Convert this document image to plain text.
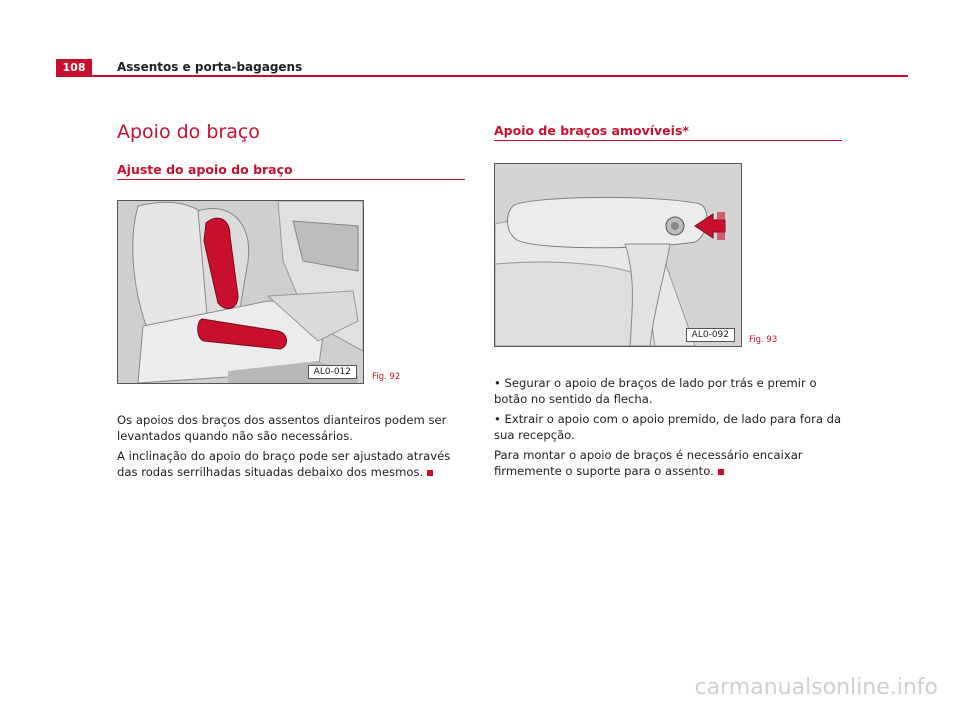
108	Assentos e porta-bagagens
Apoio do braço
Ajuste do apoio do braço
Apoio de braços amovíveis*
AL0-012	Fig. 92
AL0-092	Fig. 93

Os apoios dos braços dos assentos dianteiros podem ser levantados quando não são necessários.

A inclinação do apoio do braço pode ser ajustado através das rodas serrilhadas situadas debaixo dos mesmos.

• Segurar o apoio de braços de lado por trás e premir o botão no sentido da flecha.

• Extrair o apoio com o apoio premido, de lado para fora da sua recepção.

Para montar o apoio de braços é necessário encaixar firmemente o suporte para o assento.

carmanualsonline.info
